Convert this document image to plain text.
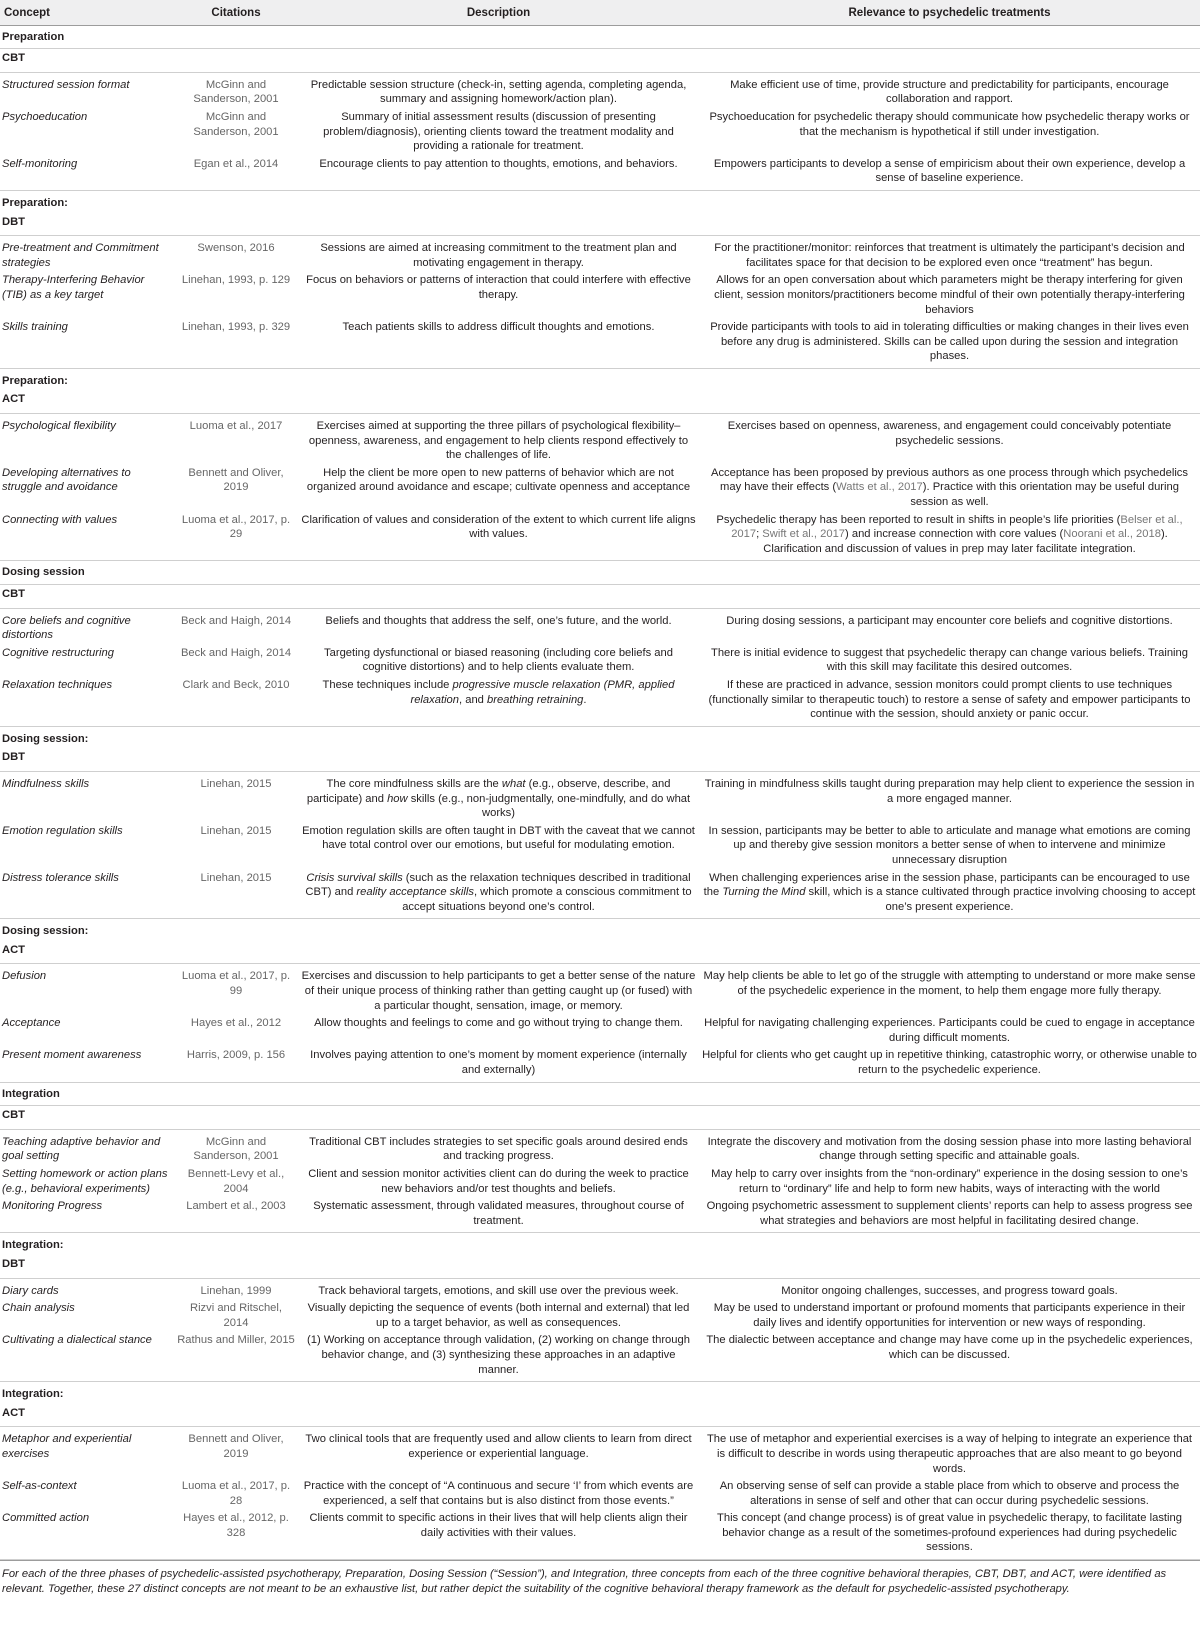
Concept	Citations	Description	Relevance to psychedelic treatments
Preparation			
CBT			
Structured session format	McGinn and Sanderson, 2001	Predictable session structure (check-in, setting agenda, completing agenda, summary and assigning homework/action plan).	Make efficient use of time, provide structure and predictability for participants, encourage collaboration and rapport.
Psychoeducation	McGinn and Sanderson, 2001	Summary of initial assessment results (discussion of presenting problem/diagnosis), orienting clients toward the treatment modality and providing a rationale for treatment.	Psychoeducation for psychedelic therapy should communicate how psychedelic therapy works or that the mechanism is hypothetical if still under investigation.
Self-monitoring	Egan et al., 2014	Encourage clients to pay attention to thoughts, emotions, and behaviors.	Empowers participants to develop a sense of empiricism about their own experience, develop a sense of baseline experience.
Preparation:			
DBT			
Pre-treatment and Commitment strategies	Swenson, 2016	Sessions are aimed at increasing commitment to the treatment plan and motivating engagement in therapy.	For the practitioner/monitor: reinforces that treatment is ultimately the participant’s decision and facilitates space for that decision to be explored even once “treatment” has begun.
Therapy-Interfering Behavior (TIB) as a key target	Linehan, 1993, p. 129	Focus on behaviors or patterns of interaction that could interfere with effective therapy.	Allows for an open conversation about which parameters might be therapy interfering for given client, session monitors/practitioners become mindful of their own potentially therapy-interfering behaviors
Skills training	Linehan, 1993, p. 329	Teach patients skills to address difficult thoughts and emotions.	Provide participants with tools to aid in tolerating difficulties or making changes in their lives even before any drug is administered. Skills can be called upon during the session and integration phases.
Preparation:			
ACT			
Psychological flexibility	Luoma et al., 2017	Exercises aimed at supporting the three pillars of psychological flexibility–openness, awareness, and engagement to help clients respond effectively to the challenges of life.	Exercises based on openness, awareness, and engagement could conceivably potentiate psychedelic sessions.
Developing alternatives to struggle and avoidance	Bennett and Oliver, 2019	Help the client be more open to new patterns of behavior which are not organized around avoidance and escape; cultivate openness and acceptance	Acceptance has been proposed by previous authors as one process through which psychedelics may have their effects (Watts et al., 2017). Practice with this orientation may be useful during session as well.
Connecting with values	Luoma et al., 2017, p. 29	Clarification of values and consideration of the extent to which current life aligns with values.	Psychedelic therapy has been reported to result in shifts in people’s life priorities (Belser et al., 2017; Swift et al., 2017) and increase connection with core values (Noorani et al., 2018). Clarification and discussion of values in prep may later facilitate integration.
Dosing session			
CBT			
Core beliefs and cognitive distortions	Beck and Haigh, 2014	Beliefs and thoughts that address the self, one’s future, and the world.	During dosing sessions, a participant may encounter core beliefs and cognitive distortions.
Cognitive restructuring	Beck and Haigh, 2014	Targeting dysfunctional or biased reasoning (including core beliefs and cognitive distortions) and to help clients evaluate them.	There is initial evidence to suggest that psychedelic therapy can change various beliefs. Training with this skill may facilitate this desired outcomes.
Relaxation techniques	Clark and Beck, 2010	These techniques include progressive muscle relaxation (PMR, applied relaxation, and breathing retraining.	If these are practiced in advance, session monitors could prompt clients to use techniques (functionally similar to therapeutic touch) to restore a sense of safety and empower participants to continue with the session, should anxiety or panic occur.
Dosing session:			
DBT			
Mindfulness skills	Linehan, 2015	The core mindfulness skills are the what (e.g., observe, describe, and participate) and how skills (e.g., non-judgmentally, one-mindfully, and do what works)	Training in mindfulness skills taught during preparation may help client to experience the session in a more engaged manner.
Emotion regulation skills	Linehan, 2015	Emotion regulation skills are often taught in DBT with the caveat that we cannot have total control over our emotions, but useful for modulating emotion.	In session, participants may be better to able to articulate and manage what emotions are coming up and thereby give session monitors a better sense of when to intervene and minimize unnecessary disruption
Distress tolerance skills	Linehan, 2015	Crisis survival skills (such as the relaxation techniques described in traditional CBT) and reality acceptance skills, which promote a conscious commitment to accept situations beyond one’s control.	When challenging experiences arise in the session phase, participants can be encouraged to use the Turning the Mind skill, which is a stance cultivated through practice involving choosing to accept one’s present experience.
Dosing session:			
ACT			
Defusion	Luoma et al., 2017, p. 99	Exercises and discussion to help participants to get a better sense of the nature of their unique process of thinking rather than getting caught up (or fused) with a particular thought, sensation, image, or memory.	May help clients be able to let go of the struggle with attempting to understand or more make sense of the psychedelic experience in the moment, to help them engage more fully therapy.
Acceptance	Hayes et al., 2012	Allow thoughts and feelings to come and go without trying to change them.	Helpful for navigating challenging experiences. Participants could be cued to engage in acceptance during difficult moments.
Present moment awareness	Harris, 2009, p. 156	Involves paying attention to one’s moment by moment experience (internally and externally)	Helpful for clients who get caught up in repetitive thinking, catastrophic worry, or otherwise unable to return to the psychedelic experience.
Integration			
CBT			
Teaching adaptive behavior and goal setting	McGinn and Sanderson, 2001	Traditional CBT includes strategies to set specific goals around desired ends and tracking progress.	Integrate the discovery and motivation from the dosing session phase into more lasting behavioral change through setting specific and attainable goals.
Setting homework or action plans (e.g., behavioral experiments)	Bennett-Levy et al., 2004	Client and session monitor activities client can do during the week to practice new behaviors and/or test thoughts and beliefs.	May help to carry over insights from the “non-ordinary” experience in the dosing session to one’s return to “ordinary” life and help to form new habits, ways of interacting with the world
Monitoring Progress	Lambert et al., 2003	Systematic assessment, through validated measures, throughout course of treatment.	Ongoing psychometric assessment to supplement clients’ reports can help to assess progress see what strategies and behaviors are most helpful in facilitating desired change.
Integration:			
DBT			
Diary cards	Linehan, 1999	Track behavioral targets, emotions, and skill use over the previous week.	Monitor ongoing challenges, successes, and progress toward goals.
Chain analysis	Rizvi and Ritschel, 2014	Visually depicting the sequence of events (both internal and external) that led up to a target behavior, as well as consequences.	May be used to understand important or profound moments that participants experience in their daily lives and identify opportunities for intervention or new ways of responding.
Cultivating a dialectical stance	Rathus and Miller, 2015	(1) Working on acceptance through validation, (2) working on change through behavior change, and (3) synthesizing these approaches in an adaptive manner.	The dialectic between acceptance and change may have come up in the psychedelic experiences, which can be discussed.
Integration:			
ACT			
Metaphor and experiential exercises	Bennett and Oliver, 2019	Two clinical tools that are frequently used and allow clients to learn from direct experience or experiential language.	The use of metaphor and experiential exercises is a way of helping to integrate an experience that is difficult to describe in words using therapeutic approaches that are also meant to go beyond words.
Self-as-context	Luoma et al., 2017, p. 28	Practice with the concept of “A continuous and secure ‘I’ from which events are experienced, a self that contains but is also distinct from those events.”	An observing sense of self can provide a stable place from which to observe and process the alterations in sense of self and other that can occur during psychedelic sessions.
Committed action	Hayes et al., 2012, p. 328	Clients commit to specific actions in their lives that will help clients align their daily activities with their values.	This concept (and change process) is of great value in psychedelic therapy, to facilitate lasting behavior change as a result of the sometimes-profound experiences had during psychedelic sessions.
For each of the three phases of psychedelic-assisted psychotherapy, Preparation, Dosing Session (“Session”), and Integration, three concepts from each of the three cognitive behavioral therapies, CBT, DBT, and ACT, were identified as relevant. Together, these 27 distinct concepts are not meant to be an exhaustive list, but rather depict the suitability of the cognitive behavioral therapy framework as the default for psychedelic-assisted psychotherapy.
